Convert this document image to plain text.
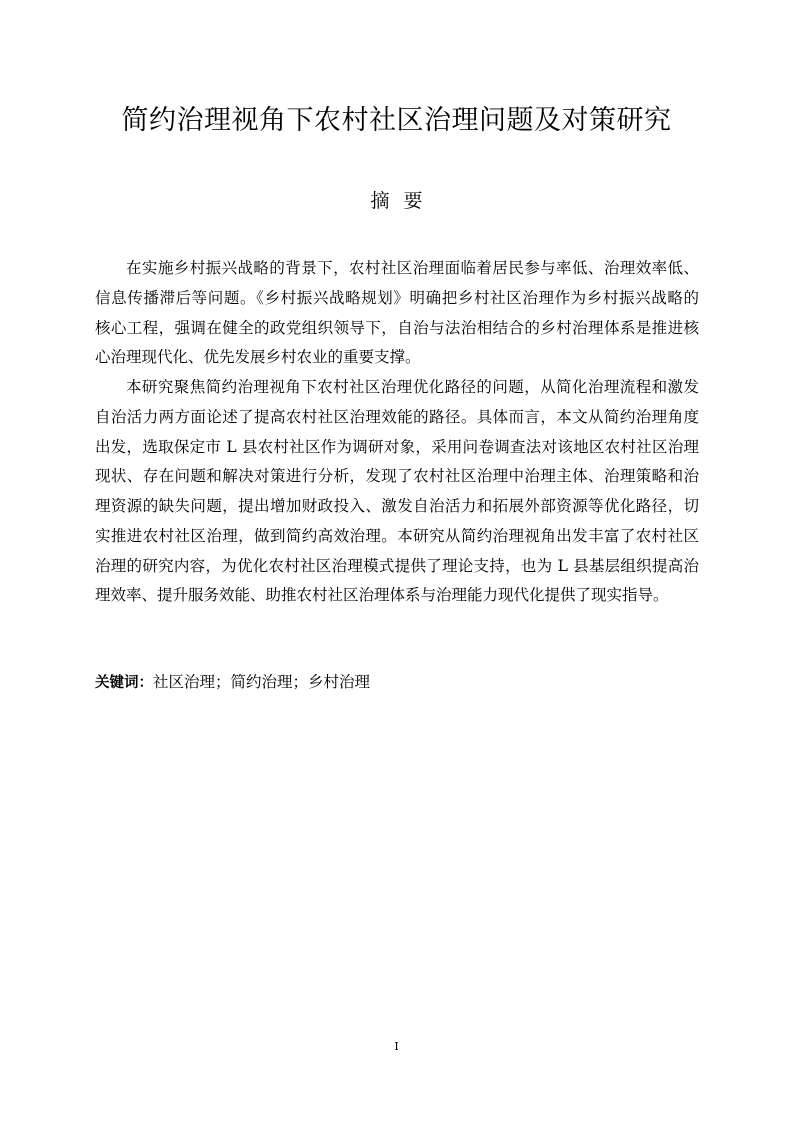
简约治理视角下农村社区治理问题及对策研究
摘要
在实施乡村振兴战略的背景下，农村社区治理面临着居民参与率低、治理效率低、
信息传播滞后等问题。《乡村振兴战略规划》明确把乡村社区治理作为乡村振兴战略的
核心工程，强调在健全的政党组织领导下，自治与法治相结合的乡村治理体系是推进核
心治理现代化、优先发展乡村农业的重要支撑。
本研究聚焦简约治理视角下农村社区治理优化路径的问题，从简化治理流程和激发
自治活力两方面论述了提高农村社区治理效能的路径。具体而言，本文从简约治理角度
出发，选取保定市 L 县农村社区作为调研对象，采用问卷调查法对该地区农村社区治理
现状、存在问题和解决对策进行分析，发现了农村社区治理中治理主体、治理策略和治
理资源的缺失问题，提出增加财政投入、激发自治活力和拓展外部资源等优化路径，切
实推进农村社区治理，做到简约高效治理。本研究从简约治理视角出发丰富了农村社区
治理的研究内容，为优化农村社区治理模式提供了理论支持，也为 L 县基层组织提高治
理效率、提升服务效能、助推农村社区治理体系与治理能力现代化提供了现实指导。
关键词：社区治理；简约治理；乡村治理
I
